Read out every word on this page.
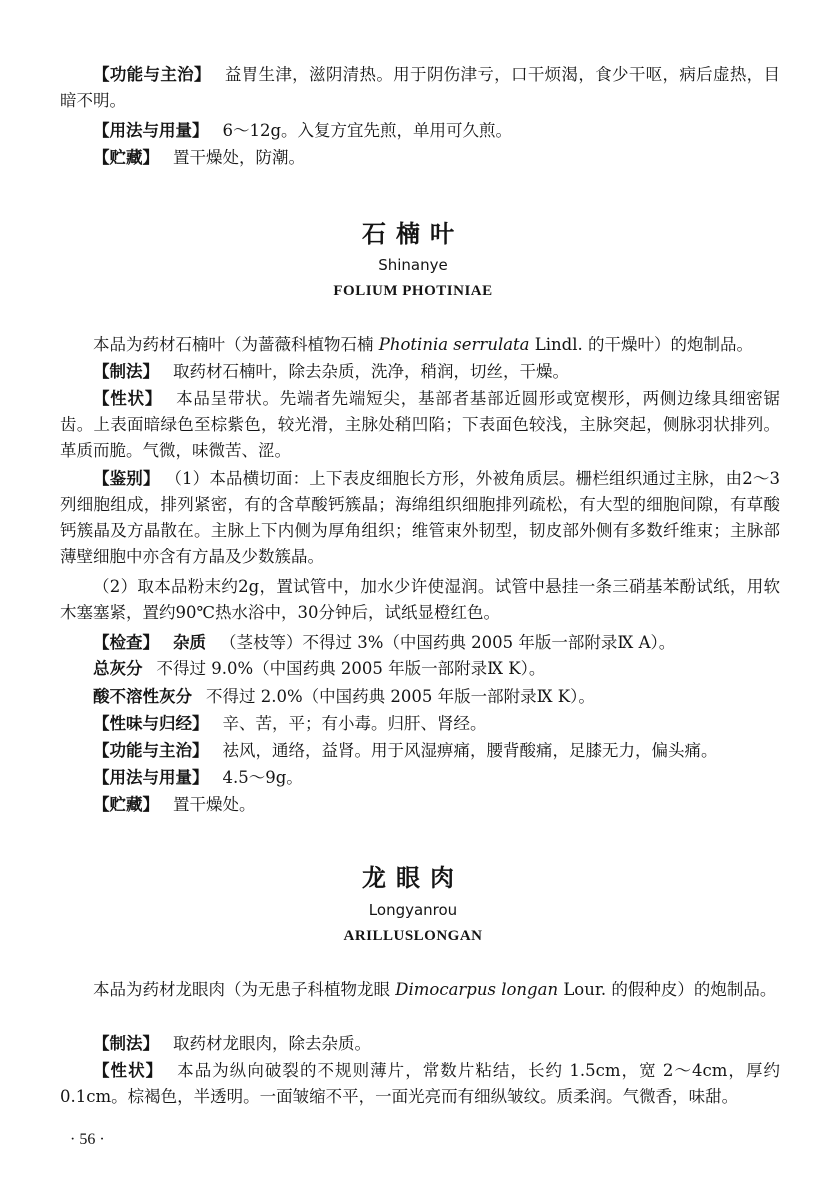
【功能与主治】 益胃生津，滋阴清热。用于阴伤津亏，口干烦渴，食少干呕，病后虚热，目暗不明。
【用法与用量】 6～12g。入复方宜先煎，单用可久煎。
【贮藏】 置干燥处，防潮。
石楠叶
Shinanye
FOLIUM PHOTINIAE
本品为药材石楠叶（为蔷薇科植物石楠 Photinia serrulata Lindl. 的干燥叶）的炮制品。
【制法】 取药材石楠叶，除去杂质，洗净，稍润，切丝，干燥。
【性状】 本品呈带状。先端者先端短尖，基部者基部近圆形或宽楔形，两侧边缘具细密锯齿。上表面暗绿色至棕紫色，较光滑，主脉处稍凹陷；下表面色较浅，主脉突起，侧脉羽状排列。革质而脆。气微，味微苦、涩。
【鉴别】 （1）本品横切面：上下表皮细胞长方形，外被角质层。栅栏组织通过主脉，由2～3列细胞组成，排列紧密，有的含草酸钙簇晶；海绵组织细胞排列疏松，有大型的细胞间隙，有草酸钙簇晶及方晶散在。主脉上下内侧为厚角组织；维管束外韧型，韧皮部外侧有多数纤维束；主脉部薄壁细胞中亦含有方晶及少数簇晶。
（2）取本品粉末约2g，置试管中，加水少许使湿润。试管中悬挂一条三硝基苯酚试纸，用软木塞塞紧，置约90℃热水浴中，30分钟后，试纸显橙红色。
【检查】 杂质 （茎枝等）不得过 3%（中国药典 2005 年版一部附录Ⅸ A）。
总灰分 不得过 9.0%（中国药典 2005 年版一部附录Ⅸ K）。
酸不溶性灰分 不得过 2.0%（中国药典 2005 年版一部附录Ⅸ K）。
【性味与归经】 辛、苦，平；有小毒。归肝、肾经。
【功能与主治】 祛风，通络，益肾。用于风湿痹痛，腰背酸痛，足膝无力，偏头痛。
【用法与用量】 4.5～9g。
【贮藏】 置干燥处。
龙眼肉
Longyanrou
ARILLUSLONGAN
本品为药材龙眼肉（为无患子科植物龙眼 Dimocarpus longan Lour. 的假种皮）的炮制品。
【制法】 取药材龙眼肉，除去杂质。
【性状】 本品为纵向破裂的不规则薄片，常数片粘结，长约 1.5cm，宽 2～4cm，厚约 0.1cm。棕褐色，半透明。一面皱缩不平，一面光亮而有细纵皱纹。质柔润。气微香，味甜。
· 56 ·
